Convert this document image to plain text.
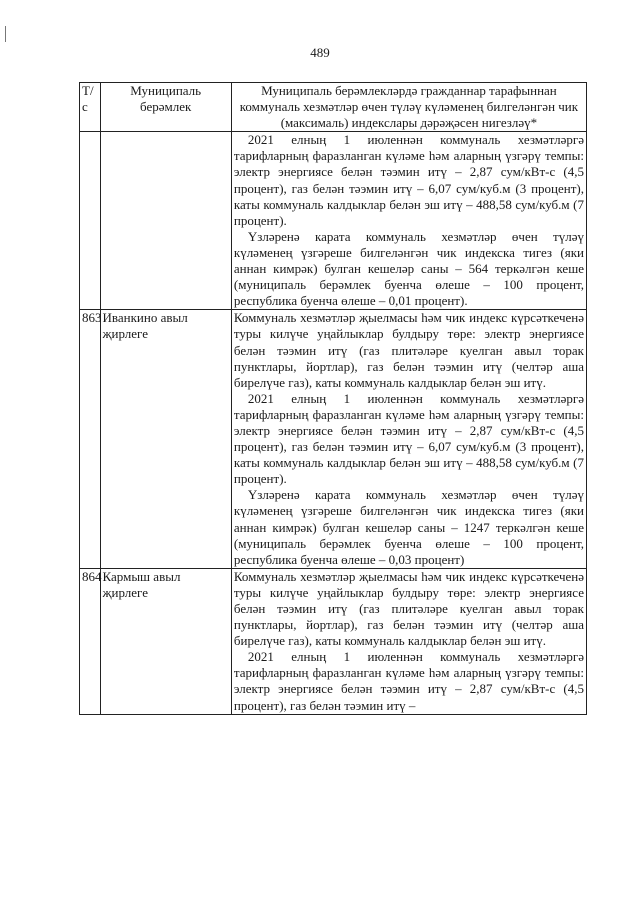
489
Т/с	Муниципаль берәмлек	Муниципаль берәмлекләрдә гражданнар тарафыннан коммуналь хезмәтләр өчен түләү күләменең билгеләнгән чик (максималь) индекслары дәрәҗәсен нигезләү*

		2021 елның 1 июленнән коммуналь хезмәтләргә тарифларның фаразланган күләме һәм аларның үзгәрү темпы: электр энергиясе белән тәэмин итү – 2,87 сум/кВт-с (4,5 процент), газ белән тәэмин итү – 6,07 сум/куб.м (3 процент), каты коммуналь калдыклар белән эш итү – 488,58 сум/куб.м (7 процент).

Үзләренә карата коммуналь хезмәтләр өчен түләү күләменең үзгәреше билгеләнгән чик индекска тигез (яки аннан кимрәк) булган кешеләр саны – 564 теркәлгән кеше (муниципаль берәмлек буенча өлеше – 100 процент, республика буенча өлеше – 0,01 процент).

863	Иванкино авыл җирлеге	Коммуналь хезмәтләр җыелмасы һәм чик индекс күрсәткеченә туры килүче уңайлыклар булдыру төре: электр энергиясе белән тәэмин итү (газ плитәләре куелган авыл торак пунктлары, йортлар), газ белән тәэмин итү (челтәр аша бирелүче газ), каты коммуналь калдыклар белән эш итү.

2021 елның 1 июленнән коммуналь хезмәтләргә тарифларның фаразланган күләме һәм аларның үзгәрү темпы: электр энергиясе белән тәэмин итү – 2,87 сум/кВт-с (4,5 процент), газ белән тәэмин итү – 6,07 сум/куб.м (3 процент), каты коммуналь калдыклар белән эш итү – 488,58 сум/куб.м (7 процент).

Үзләренә карата коммуналь хезмәтләр өчен түләү күләменең үзгәреше билгеләнгән чик индекска тигез (яки аннан кимрәк) булган кешеләр саны – 1247 теркәлгән кеше (муниципаль берәмлек буенча өлеше – 100 процент, республика буенча өлеше – 0,03 процент)

864	Кармыш авыл җирлеге	Коммуналь хезмәтләр җыелмасы һәм чик индекс күрсәткеченә туры килүче уңайлыклар булдыру төре: электр энергиясе белән тәэмин итү (газ плитәләре куелган авыл торак пунктлары, йортлар), газ белән тәэмин итү (челтәр аша бирелүче газ), каты коммуналь калдыклар белән эш итү.

2021 елның 1 июленнән коммуналь хезмәтләргә тарифларның фаразланган күләме һәм аларның үзгәрү темпы: электр энергиясе белән тәэмин итү – 2,87 сум/кВт-с (4,5 процент), газ белән тәэмин итү –
